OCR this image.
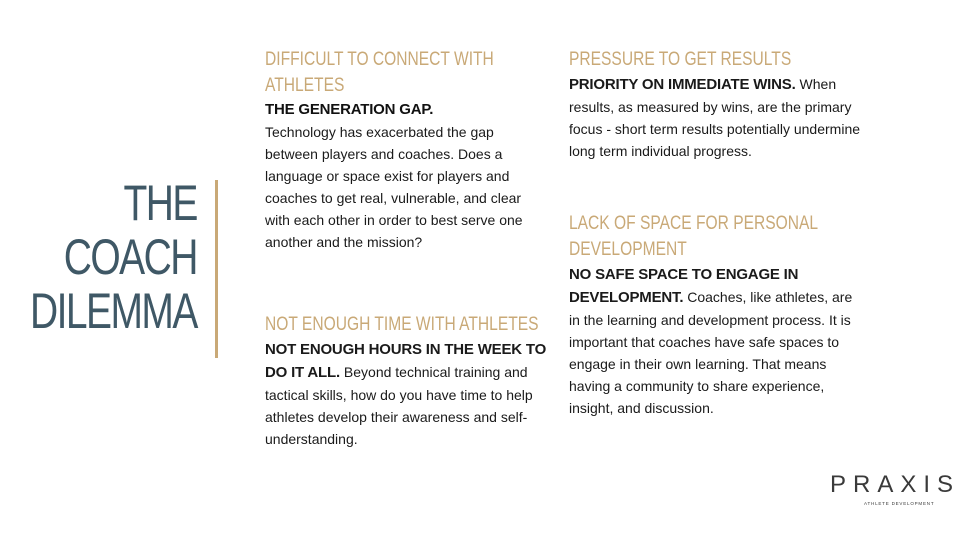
THE
COACH
DILEMMA
DIFFICULT TO CONNECT WITH
ATHLETES
THE GENERATION GAP.
Technology has exacerbated the gap between players and coaches. Does a language or space exist for players and coaches to get real, vulnerable, and clear with each other in order to best serve one another and the mission?
NOT ENOUGH TIME WITH ATHLETES
NOT ENOUGH HOURS IN THE WEEK TO DO IT ALL. Beyond technical training and tactical skills, how do you have time to help athletes develop their awareness and self-understanding.
PRESSURE TO GET RESULTS
PRIORITY ON IMMEDIATE WINS. When results, as measured by wins, are the primary focus - short term results potentially undermine long term individual progress.
LACK OF SPACE FOR PERSONAL
DEVELOPMENT
NO SAFE SPACE TO ENGAGE IN DEVELOPMENT. Coaches, like athletes, are in the learning and development process. It is important that coaches have safe spaces to engage in their own learning. That means having a community to share experience, insight, and discussion.
PRAXIS
ATHLETE DEVELOPMENT
